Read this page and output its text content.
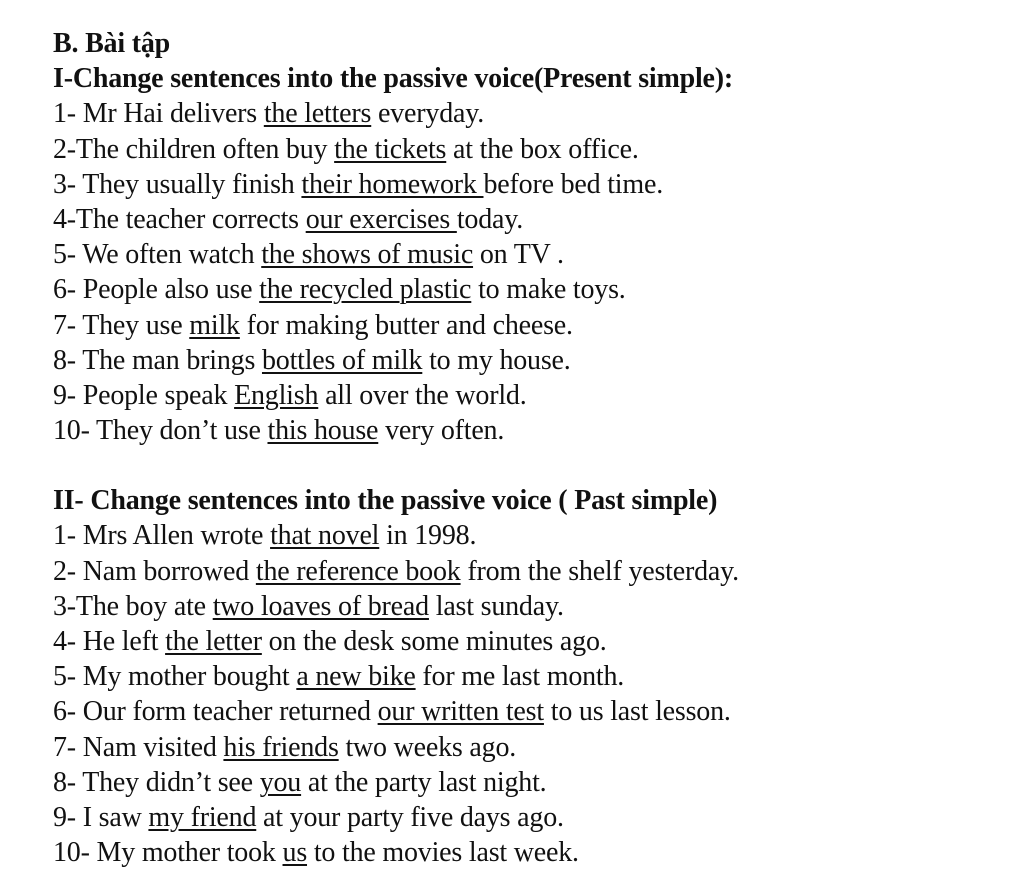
B. Bài tập
I-Change sentences into the passive voice(Present simple):
1- Mr Hai delivers the letters everyday.
2-The children often buy the tickets at the box office.
3- They usually finish their homework before bed time.
4-The teacher corrects our exercises today.
5- We often watch the shows of music on TV .
6- People also use the recycled plastic to make toys.
7- They use milk for making butter and cheese.
8- The man brings bottles of milk to my house.
9- People speak English all over the world.
10- They don’t use this house very often.
II- Change sentences into the passive voice ( Past simple)
1- Mrs Allen wrote that novel in 1998.
2- Nam borrowed the reference book from the shelf yesterday.
3-The boy ate two loaves of bread last sunday.
4- He left the letter on the desk some minutes ago.
5- My mother bought a new bike for me last month.
6- Our form teacher returned our written test to us last lesson.
7- Nam visited his friends two weeks ago.
8- They didn’t see you at the party last night.
9- I saw my friend at your party five days ago.
10- My mother took us to the movies last week.
